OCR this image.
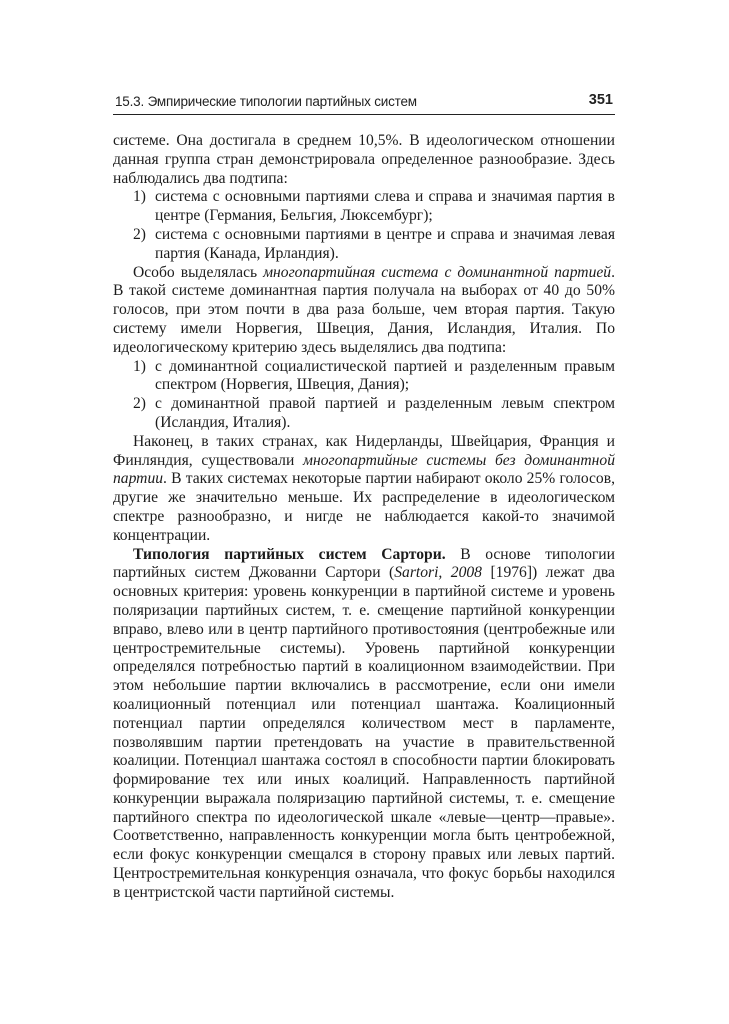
15.3. Эмпирические типологии партийных систем	351

системе. Она достигала в среднем 10,5%. В идеологическом отношении данная группа стран демонстрировала определенное разнообразие. Здесь наблюдались два подтипа:

1) система с основными партиями слева и справа и значимая партия в центре (Германия, Бельгия, Люксембург);

2) система с основными партиями в центре и справа и значимая левая партия (Канада, Ирландия).

Особо выделялась многопартийная система с доминантной партией. В такой системе доминантная партия получала на выборах от 40 до 50% голосов, при этом почти в два раза больше, чем вторая партия. Такую систему имели Норвегия, Швеция, Дания, Исландия, Италия. По идеологическому критерию здесь выделялись два подтипа:

1) с доминантной социалистической партией и разделенным правым спектром (Норвегия, Швеция, Дания);

2) с доминантной правой партией и разделенным левым спектром (Исландия, Италия).

Наконец, в таких странах, как Нидерланды, Швейцария, Франция и Финляндия, существовали многопартийные системы без доминантной партии. В таких системах некоторые партии набирают около 25% голосов, другие же значительно меньше. Их распределение в идеологическом спектре разнообразно, и нигде не наблюдается какой-то значимой концентрации.

Типология партийных систем Сартори. В основе типологии партийных систем Джованни Сартори (Sartori, 2008 [1976]) лежат два основных критерия: уровень конкуренции в партийной системе и уровень поляризации партийных систем, т. е. смещение партийной конкуренции вправо, влево или в центр партийного противостояния (центробежные или центростремительные системы). Уровень партийной конкуренции определялся потребностью партий в коалиционном взаимодействии. При этом небольшие партии включались в рассмотрение, если они имели коалиционный потенциал или потенциал шантажа. Коалиционный потенциал партии определялся количеством мест в парламенте, позволявшим партии претендовать на участие в правительственной коалиции. Потенциал шантажа состоял в способности партии блокировать формирование тех или иных коалиций. Направленность партийной конкуренции выражала поляризацию партийной системы, т. е. смещение партийного спектра по идеологической шкале «левые—центр—правые». Соответственно, направленность конкуренции могла быть центробежной, если фокус конкуренции смещался в сторону правых или левых партий. Центростремительная конкуренция означала, что фокус борьбы находился в центристской части партийной системы.
